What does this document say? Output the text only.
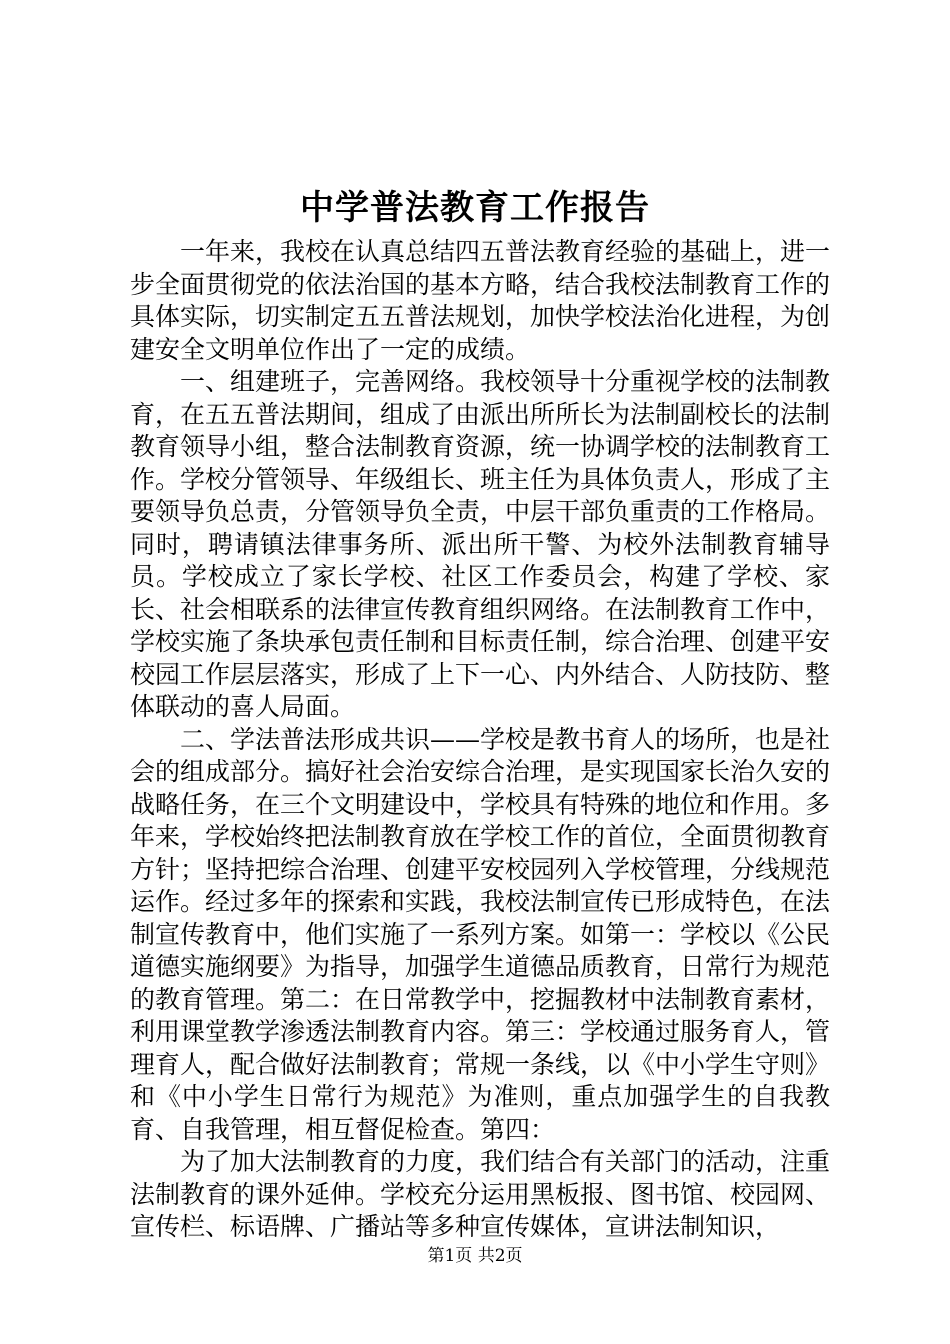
中学普法教育工作报告

一年来，我校在认真总结四五普法教育经验的基础上，进一步全面贯彻党的依法治国的基本方略，结合我校法制教育工作的具体实际，切实制定五五普法规划，加快学校法治化进程，为创建安全文明单位作出了一定的成绩。

一、组建班子，完善网络。我校领导十分重视学校的法制教育，在五五普法期间，组成了由派出所所长为法制副校长的法制教育领导小组，整合法制教育资源，统一协调学校的法制教育工作。学校分管领导、年级组长、班主任为具体负责人，形成了主要领导负总责，分管领导负全责，中层干部负重责的工作格局。同时，聘请镇法律事务所、派出所干警、为校外法制教育辅导员。学校成立了家长学校、社区工作委员会，构建了学校、家长、社会相联系的法律宣传教育组织网络。在法制教育工作中，学校实施了条块承包责任制和目标责任制，综合治理、创建平安校园工作层层落实，形成了上下一心、内外结合、人防技防、整体联动的喜人局面。

二、学法普法形成共识——学校是教书育人的场所，也是社会的组成部分。搞好社会治安综合治理，是实现国家长治久安的战略任务，在三个文明建设中，学校具有特殊的地位和作用。多年来，学校始终把法制教育放在学校工作的首位，全面贯彻教育方针；坚持把综合治理、创建平安校园列入学校管理，分线规范运作。经过多年的探索和实践，我校法制宣传已形成特色，在法制宣传教育中，他们实施了一系列方案。如第一：学校以《公民道德实施纲要》为指导，加强学生道德品质教育，日常行为规范的教育管理。第二：在日常教学中，挖掘教材中法制教育素材，利用课堂教学渗透法制教育内容。第三：学校通过服务育人，管理育人，配合做好法制教育；常规一条线，以《中小学生守则》和《中小学生日常行为规范》为准则，重点加强学生的自我教育、自我管理，相互督促检查。第四：

为了加大法制教育的力度，我们结合有关部门的活动，注重法制教育的课外延伸。学校充分运用黑板报、图书馆、校园网、宣传栏、标语牌、广播站等多种宣传媒体，宣讲法制知识，

第1页 共2页
